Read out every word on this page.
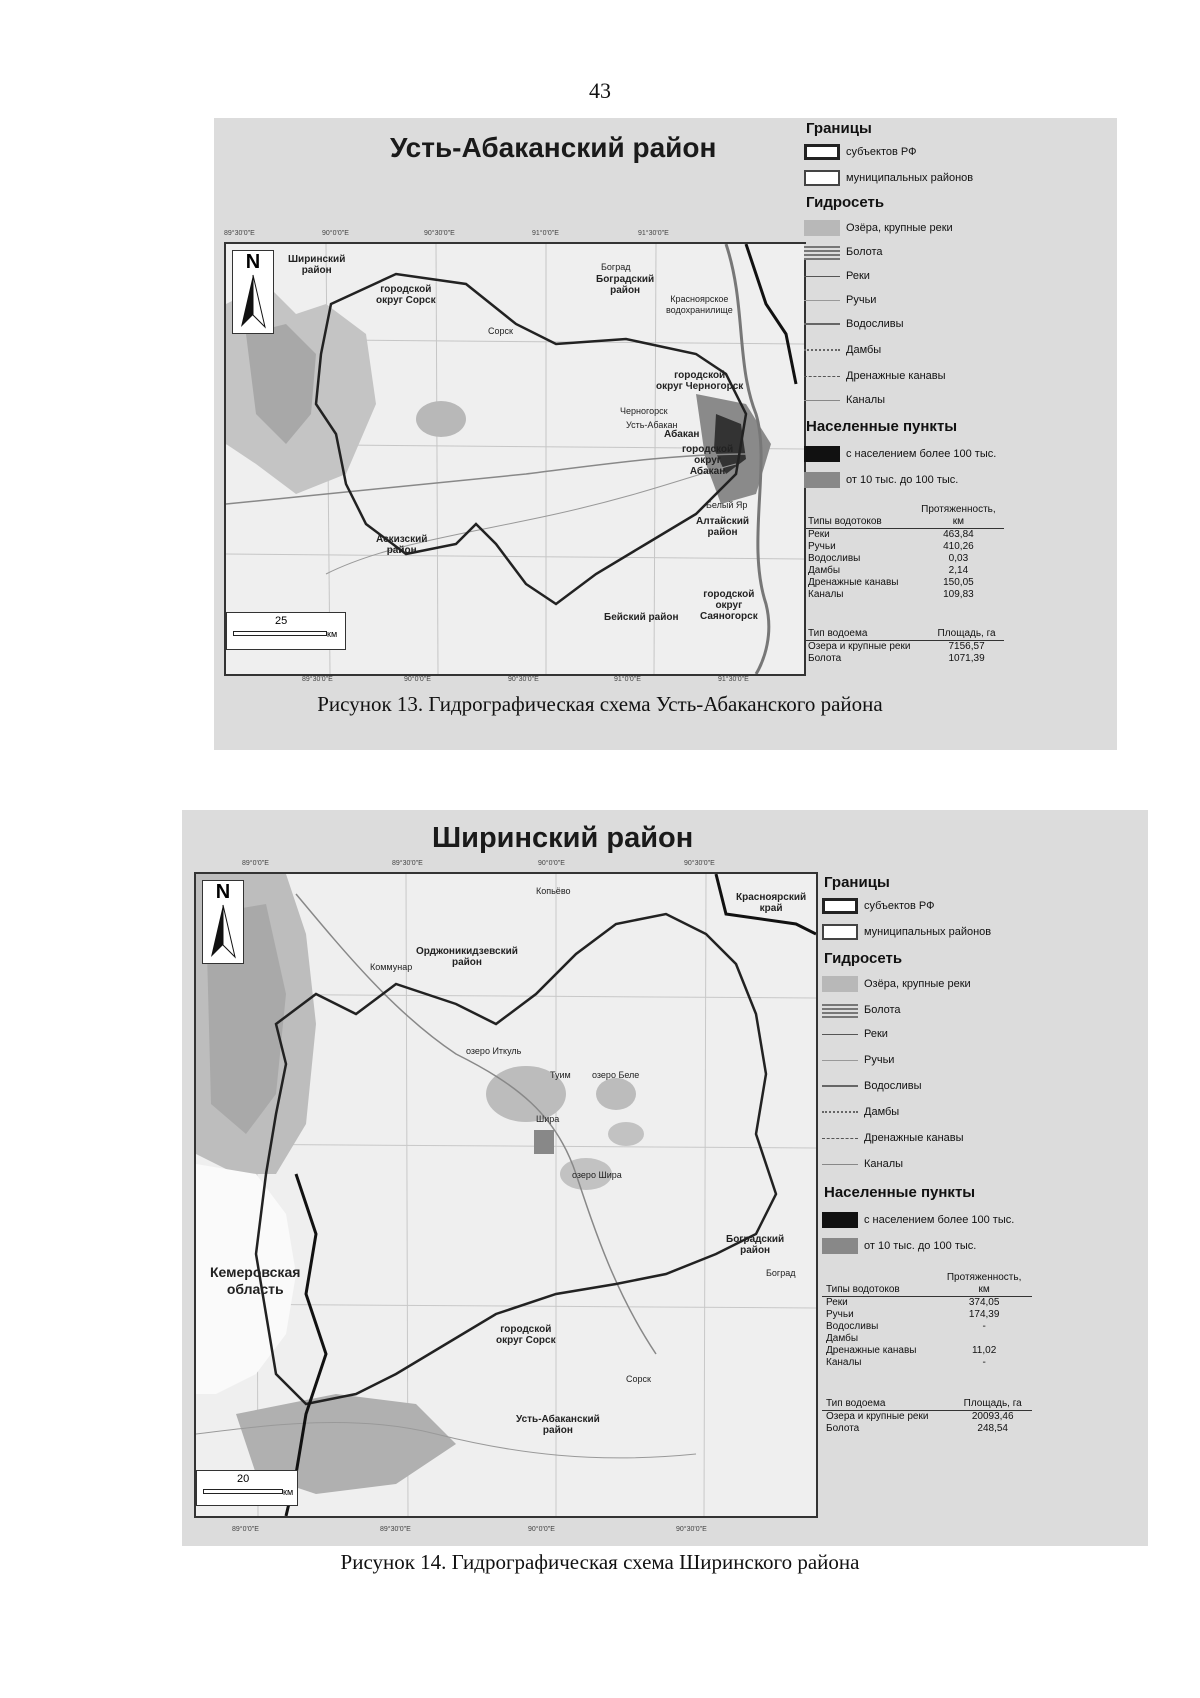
43
Усть-Абаканский район
N
25
км
Ширинский
район
городской
округ Сорск
Боградский
район
городской
округ Черногорск
Абакан
городской
округ
Абакан
Аскизский
район
Алтайский
район
городской
округ
Саяногорск
Бейский район
Сорск
Боград
Черногорск
Усть-Абакан
Белый Яр
Красноярское
водохранилище
89°30'0"E	90°0'0"E	90°30'0"E	91°0'0"E	91°30'0"E
89°30'0"E	90°0'0"E	90°30'0"E	91°0'0"E	91°30'0"E
Границы
субъектов РФ
муниципальных районов
Гидросеть
Озёра, крупные реки
Болота
Реки
Ручьи
Водосливы
Дамбы
Дренажные канавы
Каналы
Населенные пункты
с населением более 100 тыс.
от 10 тыс. до 100 тыс.
Типы водотоков	Протяженность,
км
Реки	463,84
Ручьи	410,26
Водосливы	0,03
Дамбы	2,14
Дренажные канавы	150,05
Каналы	109,83
Тип водоема	Площадь, га
Озера и крупные реки	7156,57
Болота	1071,39
Рисунок 13. Гидрографическая схема Усть-Абаканского района
Ширинский район
N
20
км
Красноярский
край
Орджоникидзевский
район
Кемеровская
область
Боградский
район
городской
округ Сорск
Усть-Абаканский
район
Шира
Сорск
Коммунар
Копьёво
Туим
озеро Шира
озеро Иткуль
озеро Беле
Боград
89°0'0"E	89°30'0"E	90°0'0"E	90°30'0"E
89°0'0"E	89°30'0"E	90°0'0"E	90°30'0"E
Границы
субъектов РФ
муниципальных районов
Гидросеть
Озёра, крупные реки
Болота
Реки
Ручьи
Водосливы
Дамбы
Дренажные канавы
Каналы
Населенные пункты
с населением более 100 тыс.
от 10 тыс. до 100 тыс.
Типы водотоков	Протяженность,
км
Реки	374,05
Ручьи	174,39
Водосливы	-
Дамбы	
Дренажные канавы	11,02
Каналы	-
Тип водоема	Площадь, га
Озера и крупные реки	20093,46
Болота	248,54
Рисунок 14. Гидрографическая схема Ширинского района
